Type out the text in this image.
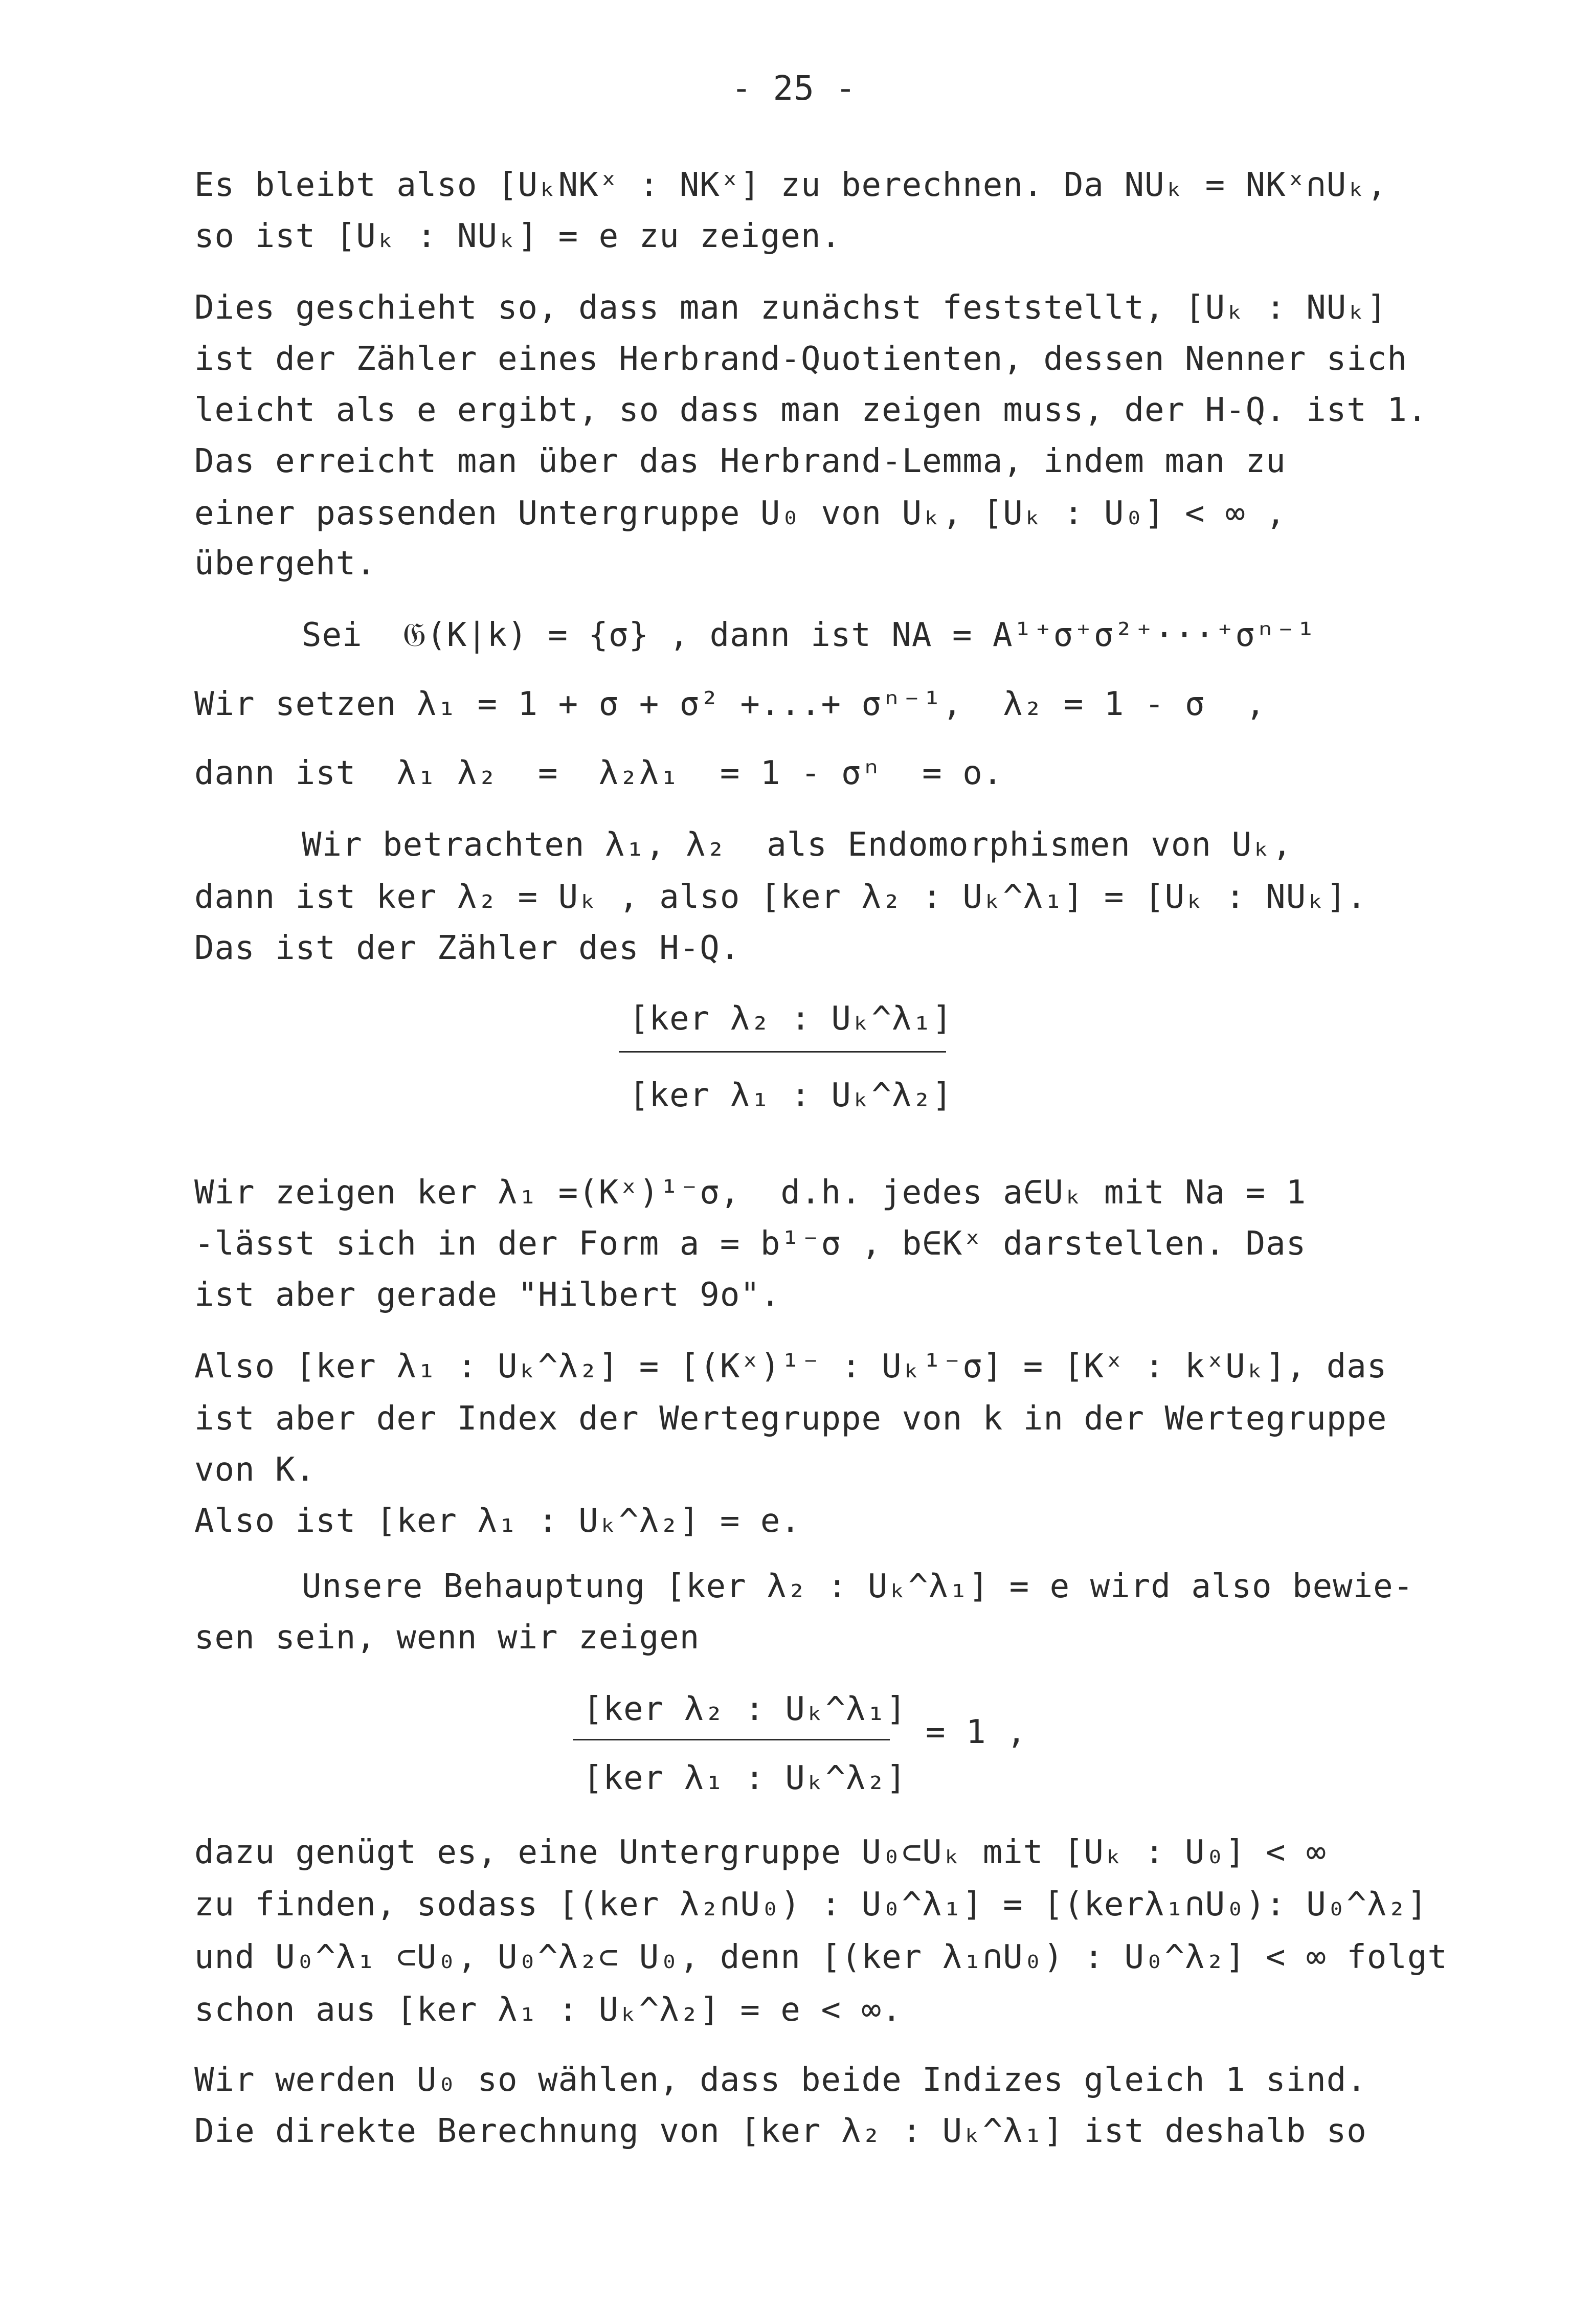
- 25 -
Es bleibt also [UₖNKˣ : NKˣ] zu berechnen. Da NUₖ = NKˣ∩Uₖ,
so ist [Uₖ : NUₖ] = e zu zeigen.
Dies geschieht so, dass man zunächst feststellt, [Uₖ : NUₖ]
ist der Zähler eines Herbrand-Quotienten, dessen Nenner sich
leicht als e ergibt, so dass man zeigen muss, der H-Q. ist 1.
Das erreicht man über das Herbrand-Lemma, indem man zu
einer passenden Untergruppe U₀ von Uₖ, [Uₖ : U₀] < ∞ ,
übergeht.
Sei  𝔊(K|k) = {σ} , dann ist NA = A¹⁺σ⁺σ²⁺···⁺σⁿ⁻¹
Wir setzen λ₁ = 1 + σ + σ² +...+ σⁿ⁻¹,  λ₂ = 1 - σ  ,
dann ist  λ₁ λ₂  =  λ₂λ₁  = 1 - σⁿ  = o.
Wir betrachten λ₁, λ₂  als Endomorphismen von Uₖ,
dann ist ker λ₂ = Uₖ , also [ker λ₂ : Uₖ^λ₁] = [Uₖ : NUₖ].
Das ist der Zähler des H-Q.
[ker λ₂ : Uₖ^λ₁]
[ker λ₁ : Uₖ^λ₂]
Wir zeigen ker λ₁ =(Kˣ)¹⁻σ,  d.h. jedes a∈Uₖ mit Na = 1
-lässt sich in der Form a = b¹⁻σ , b∈Kˣ darstellen. Das
ist aber gerade "Hilbert 9o".
Also [ker λ₁ : Uₖ^λ₂] = [(Kˣ)¹⁻ : Uₖ¹⁻σ] = [Kˣ : kˣUₖ], das
ist aber der Index der Wertegruppe von k in der Wertegruppe
von K.
Also ist [ker λ₁ : Uₖ^λ₂] = e.
Unsere Behauptung [ker λ₂ : Uₖ^λ₁] = e wird also bewie-
sen sein, wenn wir zeigen
[ker λ₂ : Uₖ^λ₁]
[ker λ₁ : Uₖ^λ₂]
= 1 ,
dazu genügt es, eine Untergruppe U₀⊂Uₖ mit [Uₖ : U₀] < ∞
zu finden, sodass [(ker λ₂∩U₀) : U₀^λ₁] = [(kerλ₁∩U₀): U₀^λ₂]
und U₀^λ₁ ⊂U₀, U₀^λ₂⊂ U₀, denn [(ker λ₁∩U₀) : U₀^λ₂] < ∞ folgt
schon aus [ker λ₁ : Uₖ^λ₂] = e < ∞.
Wir werden U₀ so wählen, dass beide Indizes gleich 1 sind.
Die direkte Berechnung von [ker λ₂ : Uₖ^λ₁] ist deshalb so
